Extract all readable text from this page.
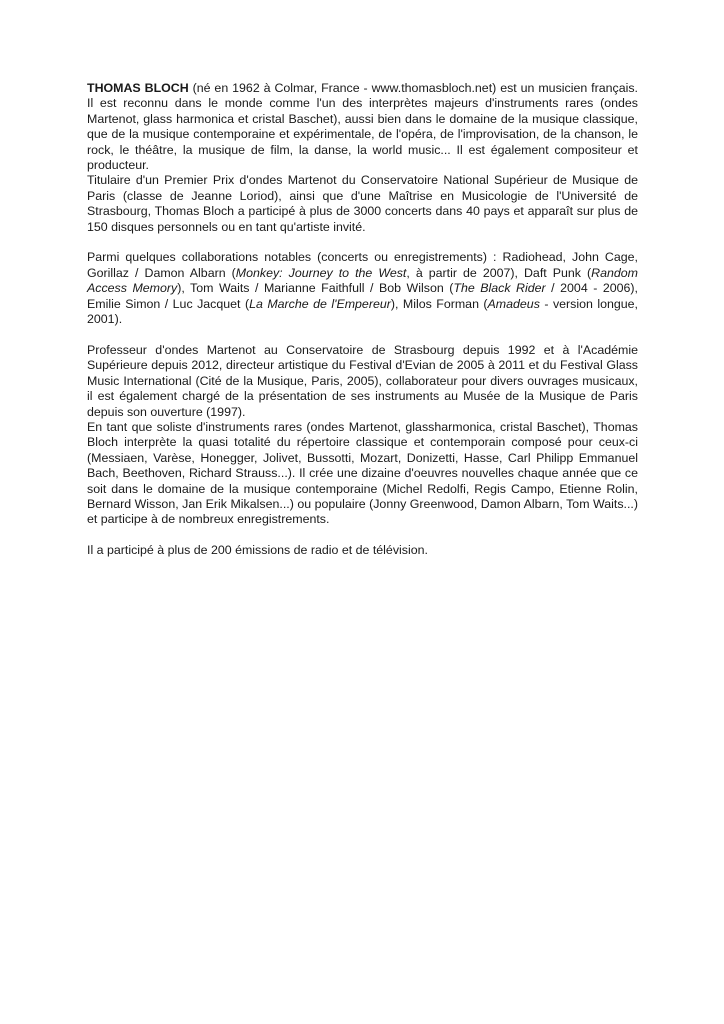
THOMAS BLOCH (né en 1962 à Colmar, France - www.thomasbloch.net) est un musicien français. Il est reconnu dans le monde comme l'un des interprètes majeurs d'instruments rares (ondes Martenot, glass harmonica et cristal Baschet), aussi bien dans le domaine de la musique classique, que de la musique contemporaine et expérimentale, de l'opéra, de l'improvisation, de la chanson, le rock, le théâtre, la musique de film, la danse, la world music... Il est également compositeur et producteur.

Titulaire d'un Premier Prix d'ondes Martenot du Conservatoire National Supérieur de Musique de Paris (classe de Jeanne Loriod), ainsi que d'une Maîtrise en Musicologie de l'Université de Strasbourg, Thomas Bloch a participé à plus de 3000 concerts dans 40 pays et apparaît sur plus de 150 disques personnels ou en tant qu'artiste invité.

Parmi quelques collaborations notables (concerts ou enregistrements) : Radiohead, John Cage, Gorillaz / Damon Albarn (Monkey: Journey to the West, à partir de 2007), Daft Punk (Random Access Memory), Tom Waits / Marianne Faithfull / Bob Wilson (The Black Rider / 2004 - 2006), Emilie Simon / Luc Jacquet (La Marche de l'Empereur), Milos Forman (Amadeus - version longue, 2001).

Professeur d'ondes Martenot au Conservatoire de Strasbourg depuis 1992 et à l'Académie Supérieure depuis 2012, directeur artistique du Festival d'Evian de 2005 à 2011 et du Festival Glass Music International (Cité de la Musique, Paris, 2005), collaborateur pour divers ouvrages musicaux, il est également chargé de la présentation de ses instruments au Musée de la Musique de Paris depuis son ouverture (1997).

En tant que soliste d'instruments rares (ondes Martenot, glassharmonica, cristal Baschet), Thomas Bloch interprète la quasi totalité du répertoire classique et contemporain composé pour ceux-ci (Messiaen, Varèse, Honegger, Jolivet, Bussotti, Mozart, Donizetti, Hasse, Carl Philipp Emmanuel Bach, Beethoven, Richard Strauss...). Il crée une dizaine d'oeuvres nouvelles chaque année que ce soit dans le domaine de la musique contemporaine (Michel Redolfi, Regis Campo, Etienne Rolin, Bernard Wisson, Jan Erik Mikalsen...) ou populaire (Jonny Greenwood, Damon Albarn, Tom Waits...) et participe à de nombreux enregistrements.

Il a participé à plus de 200 émissions de radio et de télévision.
